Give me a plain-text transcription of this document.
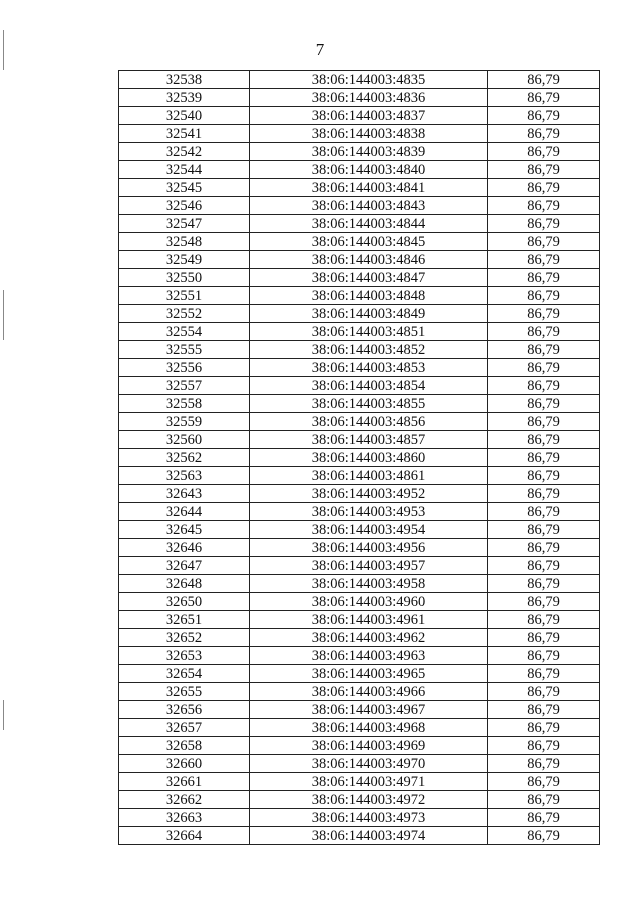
7
32538	38:06:144003:4835	86,79
32539	38:06:144003:4836	86,79
32540	38:06:144003:4837	86,79
32541	38:06:144003:4838	86,79
32542	38:06:144003:4839	86,79
32544	38:06:144003:4840	86,79
32545	38:06:144003:4841	86,79
32546	38:06:144003:4843	86,79
32547	38:06:144003:4844	86,79
32548	38:06:144003:4845	86,79
32549	38:06:144003:4846	86,79
32550	38:06:144003:4847	86,79
32551	38:06:144003:4848	86,79
32552	38:06:144003:4849	86,79
32554	38:06:144003:4851	86,79
32555	38:06:144003:4852	86,79
32556	38:06:144003:4853	86,79
32557	38:06:144003:4854	86,79
32558	38:06:144003:4855	86,79
32559	38:06:144003:4856	86,79
32560	38:06:144003:4857	86,79
32562	38:06:144003:4860	86,79
32563	38:06:144003:4861	86,79
32643	38:06:144003:4952	86,79
32644	38:06:144003:4953	86,79
32645	38:06:144003:4954	86,79
32646	38:06:144003:4956	86,79
32647	38:06:144003:4957	86,79
32648	38:06:144003:4958	86,79
32650	38:06:144003:4960	86,79
32651	38:06:144003:4961	86,79
32652	38:06:144003:4962	86,79
32653	38:06:144003:4963	86,79
32654	38:06:144003:4965	86,79
32655	38:06:144003:4966	86,79
32656	38:06:144003:4967	86,79
32657	38:06:144003:4968	86,79
32658	38:06:144003:4969	86,79
32660	38:06:144003:4970	86,79
32661	38:06:144003:4971	86,79
32662	38:06:144003:4972	86,79
32663	38:06:144003:4973	86,79
32664	38:06:144003:4974	86,79
